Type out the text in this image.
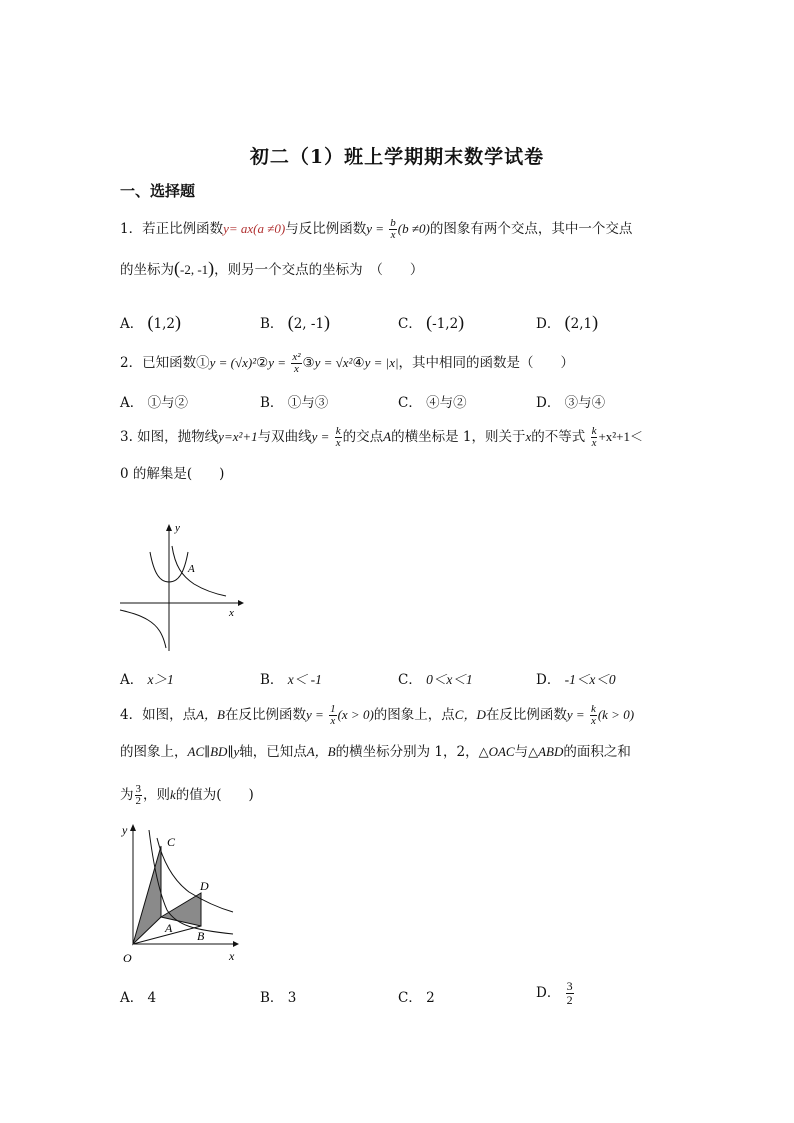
初二（1）班上学期期末数学试卷
一、选择题
1．若正比例函数y= ax(a ≠0)与反比例函数$y = \frac{b}{x} (b \ne 0)$的图象有两个交点，其中一个交点
的坐标为(-2, -1)，则另一个交点的坐标为　（　　）
A． (1,2)	B． (2, -1)	C． (-1,2)	D． (2,1)
2．已知函数①y = (√x)²②y = $\frac{\text{x²}}{x}$ ③y = √x²④y = |x|，其中相同的函数是（　　）
A． ①与②	B． ①与③	C． ④与②	D． ③与④
3. 如图，抛物线y=x²+1与双曲线$y = \frac{k}{x}$ 的交点A的横坐标是 1，则关于x的不等式 $\frac{k}{x} +x^2+1<$
0 的解集是(　　)
y
x
A
A． x＞1	B． x＜ -1	C． 0＜x＜1	D． -1＜x＜0
4．如图，点A，B在反比例函数$y = \frac{1}{x} (x > 0)$的图象上，点C，D在反比例函数$y = \frac{k}{x} (k > 0)$
的图象上，AC∥BD∥y轴，已知点A，B的横坐标分别为 1，2，△OAC与△ABD的面积之和
为 $\frac{3}{2}$ ，则k的值为(　　)
y
x
O
C
D
A
B
A． 4	B． 3	C． 2	D． $\frac{3}{2}$
